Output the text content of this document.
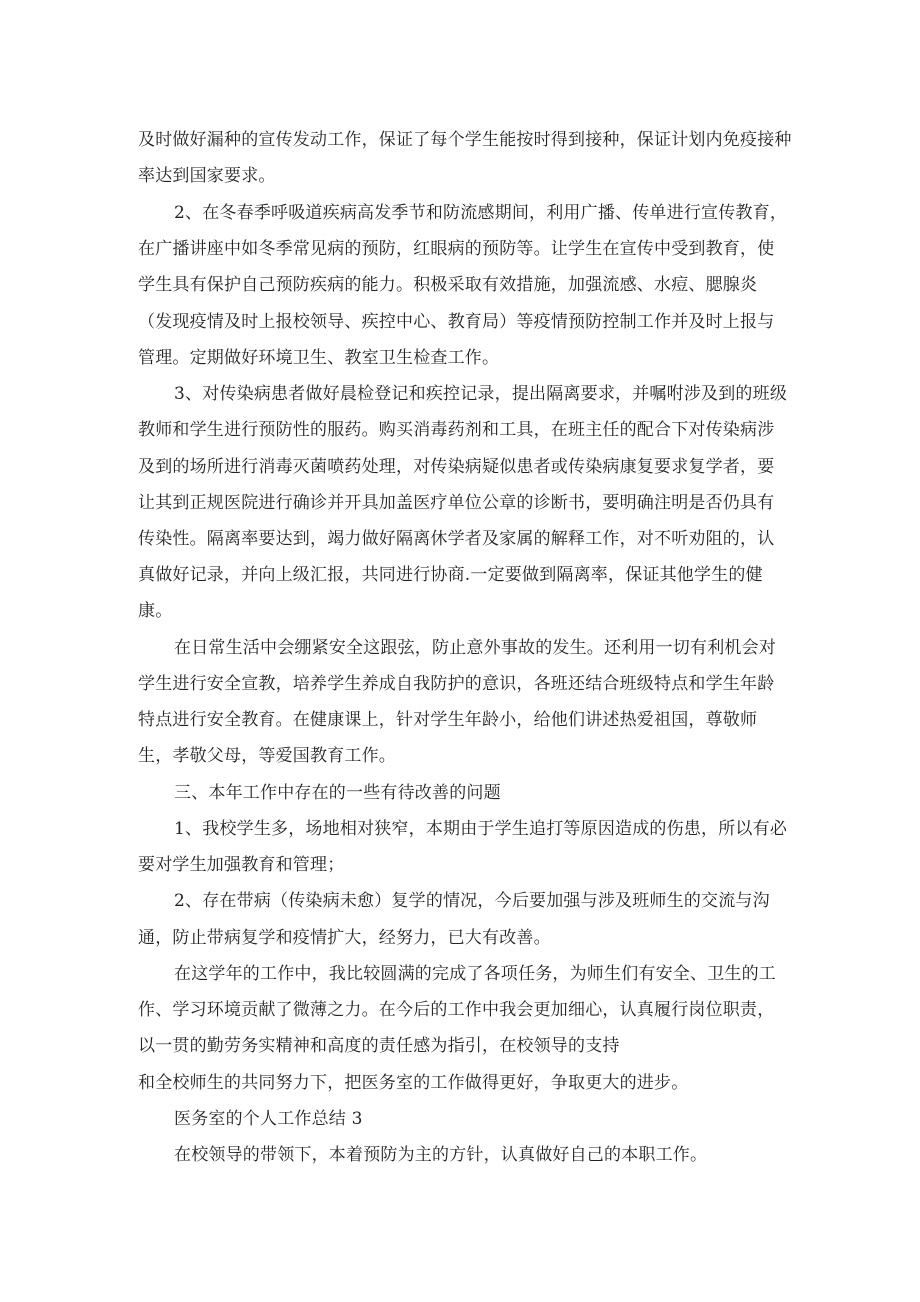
及时做好漏种的宣传发动工作，保证了每个学生能按时得到接种，保证计划内免疫接种
率达到国家要求。
2、在冬春季呼吸道疾病高发季节和防流感期间，利用广播、传单进行宣传教育，
在广播讲座中如冬季常见病的预防，红眼病的预防等。让学生在宣传中受到教育，使
学生具有保护自己预防疾病的能力。积极采取有效措施，加强流感、水痘、腮腺炎
（发现疫情及时上报校领导、疾控中心、教育局）等疫情预防控制工作并及时上报与
管理。定期做好环境卫生、教室卫生检查工作。
3、对传染病患者做好晨检登记和疾控记录，提出隔离要求，并嘱咐涉及到的班级
教师和学生进行预防性的服药。购买消毒药剂和工具，在班主任的配合下对传染病涉
及到的场所进行消毒灭菌喷药处理，对传染病疑似患者或传染病康复要求复学者，要
让其到正规医院进行确诊并开具加盖医疗单位公章的诊断书，要明确注明是否仍具有
传染性。隔离率要达到，竭力做好隔离休学者及家属的解释工作，对不听劝阻的，认
真做好记录，并向上级汇报，共同进行协商.一定要做到隔离率，保证其他学生的健
康。
在日常生活中会绷紧安全这跟弦，防止意外事故的发生。还利用一切有利机会对
学生进行安全宣教，培养学生养成自我防护的意识，各班还结合班级特点和学生年龄
特点进行安全教育。在健康课上，针对学生年龄小，给他们讲述热爱祖国，尊敬师
生，孝敬父母，等爱国教育工作。
三、本年工作中存在的一些有待改善的问题
1、我校学生多，场地相对狭窄，本期由于学生追打等原因造成的伤患，所以有必
要对学生加强教育和管理；
2、存在带病（传染病未愈）复学的情况，今后要加强与涉及班师生的交流与沟
通，防止带病复学和疫情扩大，经努力，已大有改善。
在这学年的工作中，我比较圆满的完成了各项任务，为师生们有安全、卫生的工
作、学习环境贡献了微薄之力。在今后的工作中我会更加细心，认真履行岗位职责，
以一贯的勤劳务实精神和高度的责任感为指引，在校领导的支持
和全校师生的共同努力下，把医务室的工作做得更好，争取更大的进步。
医务室的个人工作总结 3
在校领导的带领下，本着预防为主的方针，认真做好自己的本职工作。
